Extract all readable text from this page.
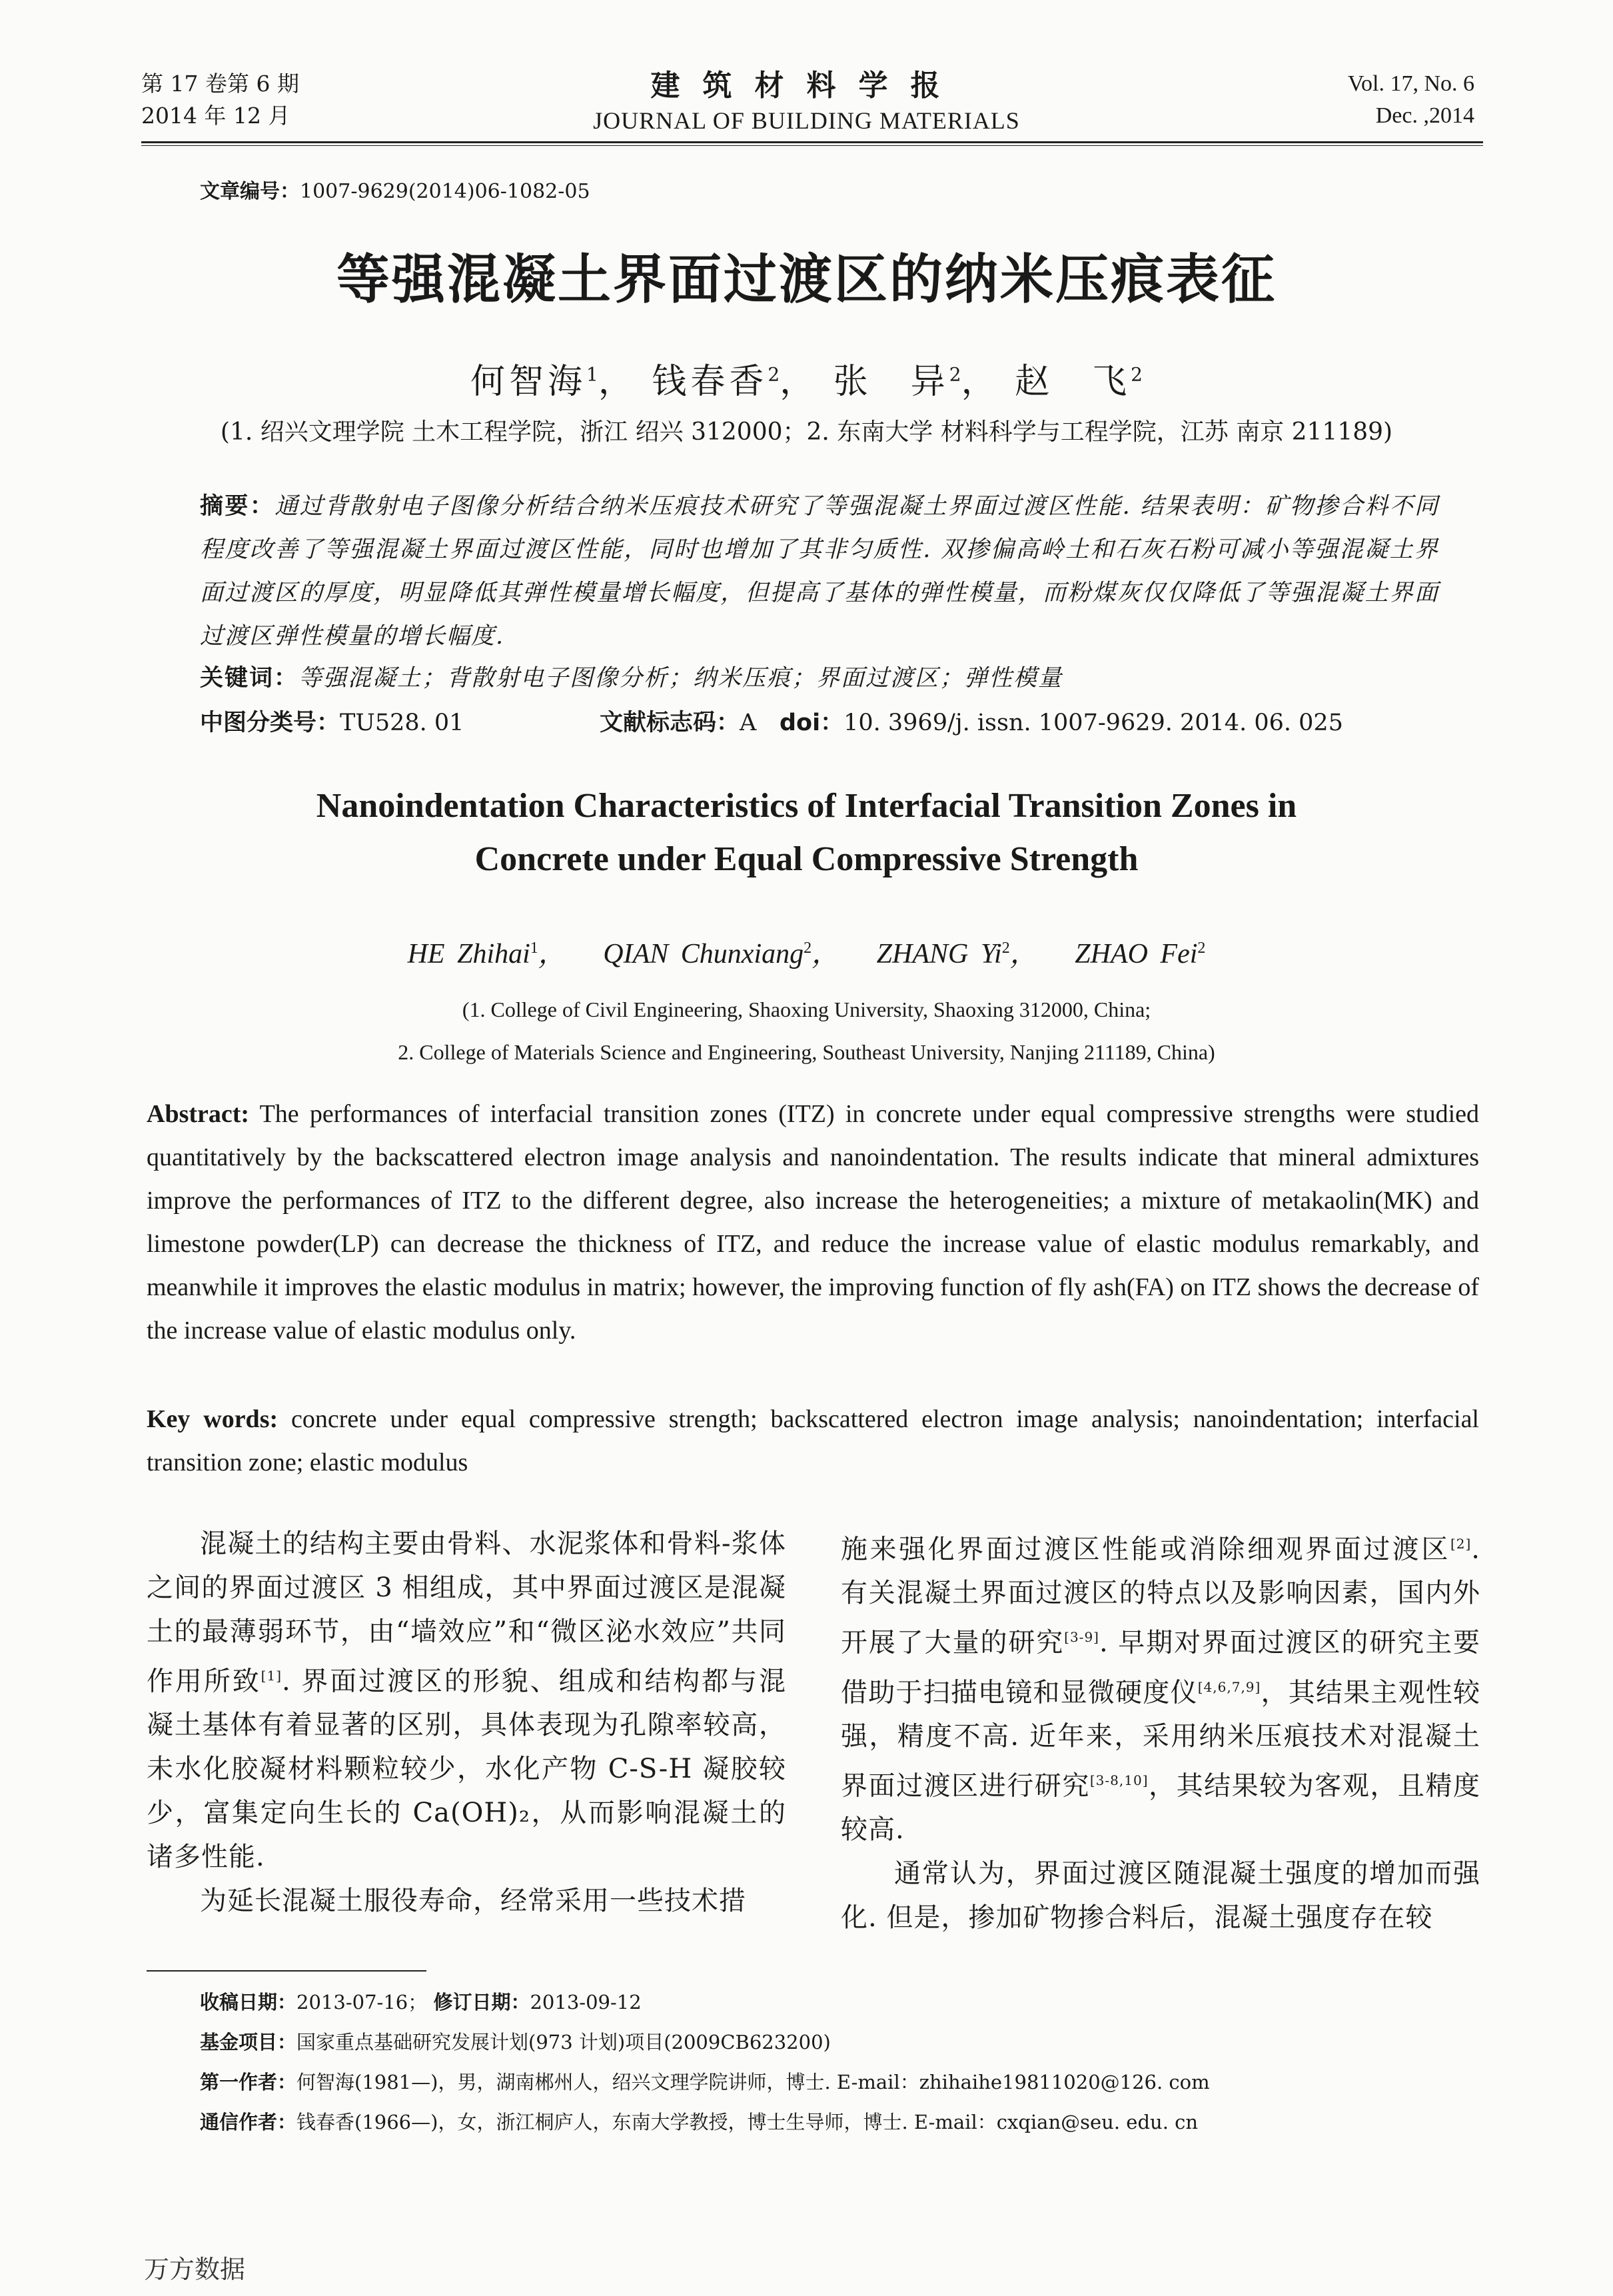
第 17 卷第 6 期
2014 年 12 月
建筑材料学报
JOURNAL OF BUILDING MATERIALS
Vol. 17, No. 6
Dec. ,2014
文章编号：1007-9629(2014)06-1082-05
等强混凝土界面过渡区的纳米压痕表征
何智海$^1$， 钱春香$^2$， 张　异$^2$， 赵　飞$^2$
(1. 绍兴文理学院 土木工程学院，浙江 绍兴 312000；2. 东南大学 材料科学与工程学院，江苏 南京 211189)
摘要：通过背散射电子图像分析结合纳米压痕技术研究了等强混凝土界面过渡区性能. 结果表明：矿物掺合料不同程度改善了等强混凝土界面过渡区性能，同时也增加了其非匀质性. 双掺偏高岭土和石灰石粉可减小等强混凝土界面过渡区的厚度，明显降低其弹性模量增长幅度，但提高了基体的弹性模量，而粉煤灰仅仅降低了等强混凝土界面过渡区弹性模量的增长幅度.
关键词：等强混凝土；背散射电子图像分析；纳米压痕；界面过渡区；弹性模量
中图分类号：TU528. 01	文献标志码：A doi：10. 3969/j. issn. 1007-9629. 2014. 06. 025
Nanoindentation Characteristics of Interfacial Transition Zones in
Concrete under Equal Compressive Strength
HE Zhihai$^1$，   QIAN Chunxiang$^2$，   ZHANG Yi$^2$，   ZHAO Fei$^2$
(1. College of Civil Engineering, Shaoxing University, Shaoxing 312000, China;
2. College of Materials Science and Engineering, Southeast University, Nanjing 211189, China)
Abstract: The performances of interfacial transition zones (ITZ) in concrete under equal compressive strengths were studied quantitatively by the backscattered electron image analysis and nanoindentation. The results indicate that mineral admixtures improve the performances of ITZ to the different degree, also increase the heterogeneities; a mixture of metakaolin(MK) and limestone powder(LP) can decrease the thickness of ITZ, and reduce the increase value of elastic modulus remarkably, and meanwhile it improves the elastic modulus in matrix; however, the improving function of fly ash(FA) on ITZ shows the decrease of the increase value of elastic modulus only.
Key words: concrete under equal compressive strength; backscattered electron image analysis; nanoindentation; interfacial transition zone; elastic modulus

混凝土的结构主要由骨料、水泥浆体和骨料-浆体之间的界面过渡区 3 相组成，其中界面过渡区是混凝土的最薄弱环节，由“墙效应”和“微区泌水效应”共同作用所致[1]. 界面过渡区的形貌、组成和结构都与混凝土基体有着显著的区别，具体表现为孔隙率较高，未水化胶凝材料颗粒较少，水化产物 C-S-H 凝胶较少，富集定向生长的 Ca(OH)₂，从而影响混凝土的诸多性能.

为延长混凝土服役寿命，经常采用一些技术措

施来强化界面过渡区性能或消除细观界面过渡区[2]. 有关混凝土界面过渡区的特点以及影响因素，国内外开展了大量的研究[3-9]. 早期对界面过渡区的研究主要借助于扫描电镜和显微硬度仪[4,6,7,9]，其结果主观性较强，精度不高. 近年来，采用纳米压痕技术对混凝土界面过渡区进行研究[3-8,10]，其结果较为客观，且精度较高.

通常认为，界面过渡区随混凝土强度的增加而强化. 但是，掺加矿物掺合料后，混凝土强度存在较

收稿日期：2013-07-16； 修订日期：2013-09-12
基金项目：国家重点基础研究发展计划(973 计划)项目(2009CB623200)
第一作者：何智海(1981—)，男，湖南郴州人，绍兴文理学院讲师，博士. E-mail：zhihaihe19811020@126. com
通信作者：钱春香(1966—)，女，浙江桐庐人，东南大学教授，博士生导师，博士. E-mail：cxqian@seu. edu. cn
万方数据
